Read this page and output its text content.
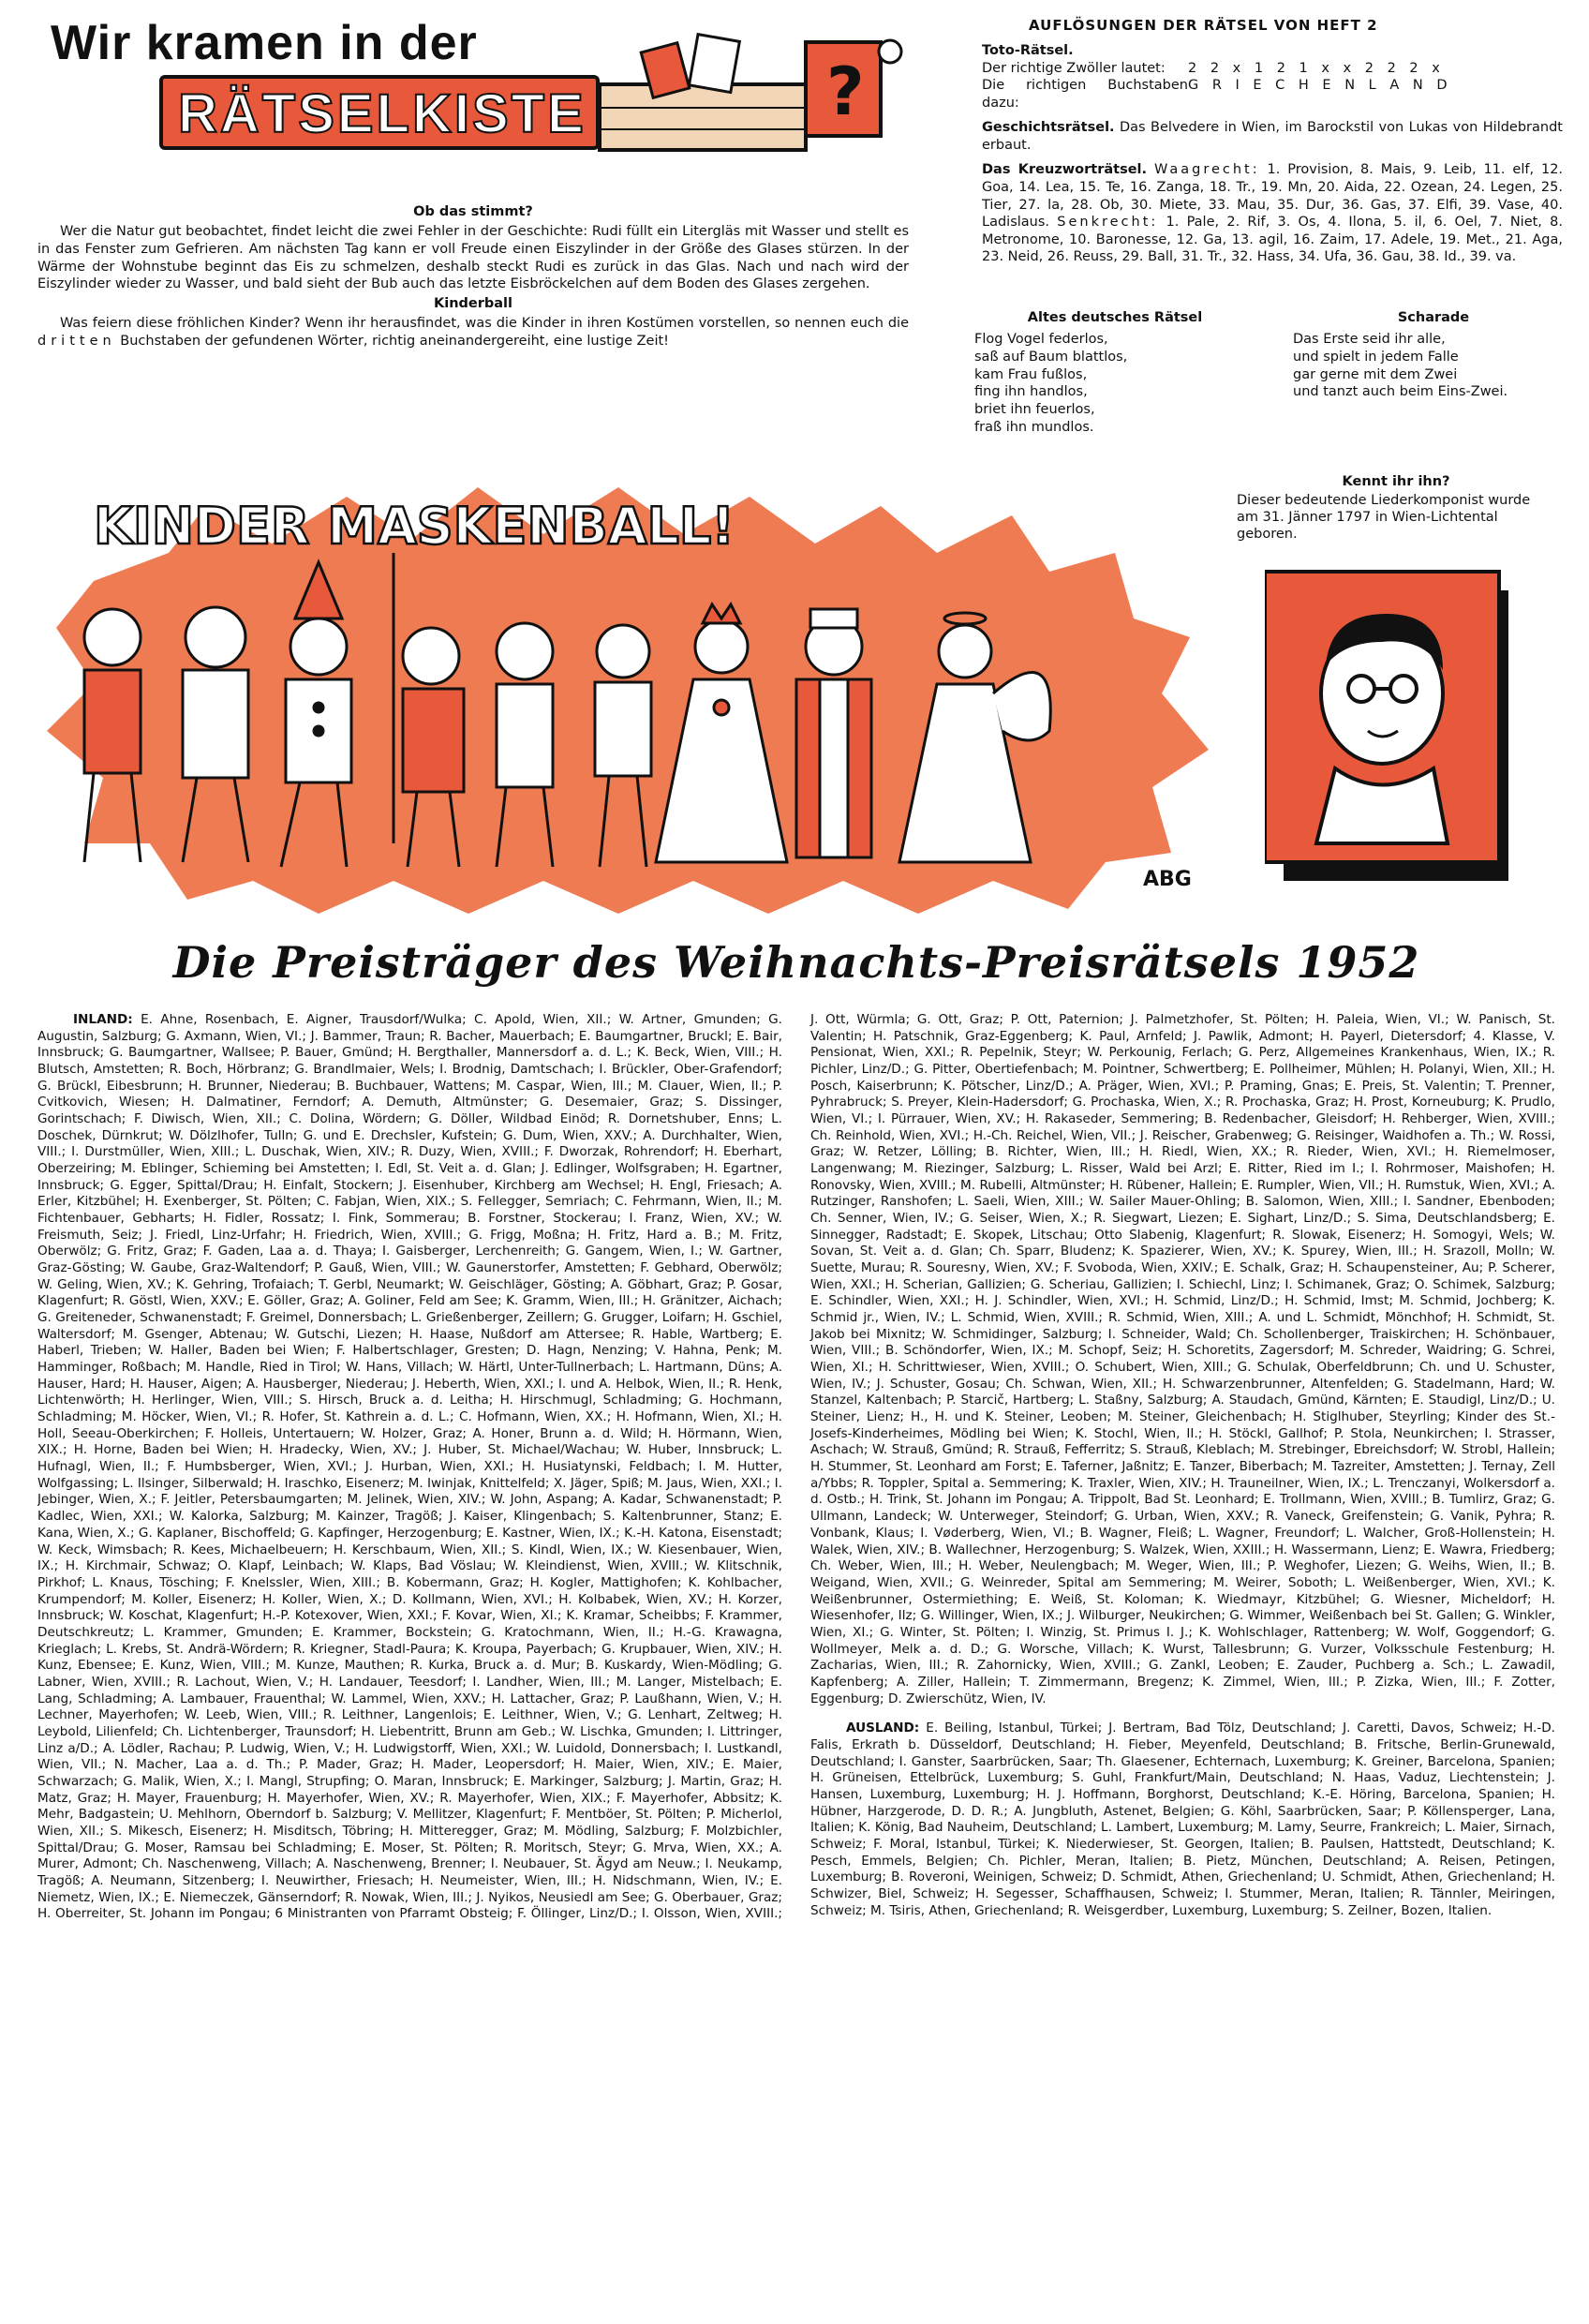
Wir kramen in der
RÄTSELKISTE	?
AUFLÖSUNGEN DER RÄTSEL VON HEFT 2
Toto-Rätsel.
Der richtige Zwöller lautet:	2 2 x 1 2 1 x x 2 2 2 x
Die richtigen Buchstaben dazu:
G R I E C H E N L A N D
Geschichtsrätsel. Das Belvedere in Wien, im Barockstil von Lukas von Hildebrandt erbaut.
Das Kreuzworträtsel. Waagrecht: 1. Provision, 8. Mais, 9. Leib, 11. elf, 12. Goa, 14. Lea, 15. Te, 16. Zanga, 18. Tr., 19. Mn, 20. Aida, 22. Ozean, 24. Legen, 25. Tier, 27. la, 28. Ob, 30. Miete, 33. Mau, 35. Dur, 36. Gas, 37. Elfi, 39. Vase, 40. Ladislaus. Senkrecht: 1. Pale, 2. Rif, 3. Os, 4. Ilona, 5. il, 6. Oel, 7. Niet, 8. Metronome, 10. Baronesse, 12. Ga, 13. agil, 16. Zaim, 17. Adele, 19. Met., 21. Aga, 23. Neid, 26. Reuss, 29. Ball, 31. Tr., 32. Hass, 34. Ufa, 36. Gau, 38. Id., 39. va.
Altes deutsches Rätsel
Flog Vogel federlos,
saß auf Baum blattlos,
kam Frau fußlos,
fing ihn handlos,
briet ihn feuerlos,
fraß ihn mundlos.
Scharade
Das Erste seid ihr alle,
und spielt in jedem Falle
gar gerne mit dem Zwei
und tanzt auch beim Eins-Zwei.
Ob das stimmt?

Wer die Natur gut beobachtet, findet leicht die zwei Fehler in der Geschichte: Rudi füllt ein Litergläs mit Wasser und stellt es in das Fenster zum Gefrieren. Am nächsten Tag kann er voll Freude einen Eiszylinder in der Größe des Glases stürzen. In der Wärme der Wohnstube beginnt das Eis zu schmelzen, deshalb steckt Rudi es zurück in das Glas. Nach und nach wird der Eiszylinder wieder zu Wasser, und bald sieht der Bub auch das letzte Eisbröckelchen auf dem Boden des Glases zergehen.

Kinderball

Was feiern diese fröhlichen Kinder? Wenn ihr herausfindet, was die Kinder in ihren Kostümen vorstellen, so nennen euch die dritten Buchstaben der gefundenen Wörter, richtig aneinandergereiht, eine lustige Zeit!

KINDER MASKENBALL!
ABG
Kennt ihr ihn?

Dieser bedeutende Liederkomponist wurde am 31. Jänner 1797 in Wien-Lichtental geboren.

Die Preisträger des Weihnachts-Preisrätsels 1952

INLAND: E. Ahne, Rosenbach, E. Aigner, Trausdorf/Wulka; C. Apold, Wien, XII.; W. Artner, Gmunden; G. Augustin, Salzburg; G. Axmann, Wien, VI.; J. Bammer, Traun; R. Bacher, Mauerbach; E. Baumgartner, Bruckl; E. Bair, Innsbruck; G. Baumgartner, Wallsee; P. Bauer, Gmünd; H. Bergthaller, Mannersdorf a. d. L.; K. Beck, Wien, VIII.; H. Blutsch, Amstetten; R. Boch, Hörbranz; G. Brandlmaier, Wels; I. Brodnig, Damtschach; I. Brückler, Ober-Grafendorf; G. Brückl, Eibesbrunn; H. Brunner, Niederau; B. Buchbauer, Wattens; M. Caspar, Wien, III.; M. Clauer, Wien, II.; P. Cvitkovich, Wiesen; H. Dalmatiner, Ferndorf; A. Demuth, Altmünster; G. Desemaier, Graz; S. Dissinger, Gorintschach; F. Diwisch, Wien, XII.; C. Dolina, Wördern; G. Döller, Wildbad Einöd; R. Dornetshuber, Enns; L. Doschek, Dürnkrut; W. Dölzlhofer, Tulln; G. und E. Drechsler, Kufstein; G. Dum, Wien, XXV.; A. Durchhalter, Wien, VIII.; I. Durstmüller, Wien, XIII.; L. Duschak, Wien, XIV.; R. Duzy, Wien, XVIII.; F. Dworzak, Rohrendorf; H. Eberhart, Oberzeiring; M. Eblinger, Schieming bei Amstetten; I. Edl, St. Veit a. d. Glan; J. Edlinger, Wolfsgraben; H. Egartner, Innsbruck; G. Egger, Spittal/Drau; H. Einfalt, Stockern; J. Eisenhuber, Kirchberg am Wechsel; H. Engl, Friesach; A. Erler, Kitzbühel; H. Exenberger, St. Pölten; C. Fabjan, Wien, XIX.; S. Fellegger, Semriach; C. Fehrmann, Wien, II.; M. Fichtenbauer, Gebharts; H. Fidler, Rossatz; I. Fink, Sommerau; B. Forstner, Stockerau; I. Franz, Wien, XV.; W. Freismuth, Seiz; J. Friedl, Linz-Urfahr; H. Friedrich, Wien, XVIII.; G. Frigg, Moßna; H. Fritz, Hard a. B.; M. Fritz, Oberwölz; G. Fritz, Graz; F. Gaden, Laa a. d. Thaya; I. Gaisberger, Lerchenreith; G. Gangem, Wien, I.; W. Gartner, Graz-Gösting; W. Gaube, Graz-Waltendorf; P. Gauß, Wien, VIII.; W. Gaunerstorfer, Amstetten; F. Gebhard, Oberwölz; W. Geling, Wien, XV.; K. Gehring, Trofaiach; T. Gerbl, Neumarkt; W. Geischläger, Gösting; A. Göbhart, Graz; P. Gosar, Klagenfurt; R. Göstl, Wien, XXV.; E. Göller, Graz; A. Goliner, Feld am See; K. Gramm, Wien, III.; H. Gränitzer, Aichach; G. Greiteneder, Schwanenstadt; F. Greimel, Donnersbach; L. Grießenberger, Zeillern; G. Grugger, Loifarn; H. Gschiel, Waltersdorf; M. Gsenger, Abtenau; W. Gutschi, Liezen; H. Haase, Nußdorf am Attersee; R. Hable, Wartberg; E. Haberl, Trieben; W. Haller, Baden bei Wien; F. Halbertschlager, Gresten; D. Hagn, Nenzing; V. Hahna, Penk; M. Hamminger, Roßbach; M. Handle, Ried in Tirol; W. Hans, Villach; W. Härtl, Unter-Tullnerbach; L. Hartmann, Düns; A. Hauser, Hard; H. Hauser, Aigen; A. Hausberger, Niederau; J. Heberth, Wien, XXI.; I. und A. Helbok, Wien, II.; R. Henk, Lichtenwörth; H. Herlinger, Wien, VIII.; S. Hirsch, Bruck a. d. Leitha; H. Hirschmugl, Schladming; G. Hochmann, Schladming; M. Höcker, Wien, VI.; R. Hofer, St. Kathrein a. d. L.; C. Hofmann, Wien, XX.; H. Hofmann, Wien, XI.; H. Holl, Seeau-Oberkirchen; F. Holleis, Untertauern; W. Holzer, Graz; A. Honer, Brunn a. d. Wild; H. Hörmann, Wien, XIX.; H. Horne, Baden bei Wien; H. Hradecky, Wien, XV.; J. Huber, St. Michael/Wachau; W. Huber, Innsbruck; L. Hufnagl, Wien, II.; F. Humbsberger, Wien, XVI.; J. Hurban, Wien, XXI.; H. Husiatynski, Feldbach; I. M. Hutter, Wolfgassing; L. Ilsinger, Silberwald; H. Iraschko, Eisenerz; M. Iwinjak, Knittelfeld; X. Jäger, Spiß; M. Jaus, Wien, XXI.; I. Jebinger, Wien, X.; F. Jeitler, Petersbaumgarten; M. Jelinek, Wien, XIV.; W. John, Aspang; A. Kadar, Schwanenstadt; P. Kadlec, Wien, XXI.; W. Kalorka, Salzburg; M. Kainzer, Tragöß; J. Kaiser, Klingenbach; S. Kaltenbrunner, Stanz; E. Kana, Wien, X.; G. Kaplaner, Bischoffeld; G. Kapfinger, Herzogenburg; E. Kastner, Wien, IX.; K.-H. Katona, Eisenstadt; W. Keck, Wimsbach; R. Kees, Michaelbeuern; H. Kerschbaum, Wien, XII.; S. Kindl, Wien, IX.; W. Kiesenbauer, Wien, IX.; H. Kirchmair, Schwaz; O. Klapf, Leinbach; W. Klaps, Bad Vöslau; W. Kleindienst, Wien, XVIII.; W. Klitschnik, Pirkhof; L. Knaus, Tösching; F. Knelssler, Wien, XIII.; B. Kobermann, Graz; H. Kogler, Mattighofen; K. Kohlbacher, Krumpendorf; M. Koller, Eisenerz; H. Koller, Wien, X.; D. Kollmann, Wien, XVI.; H. Kolbabek, Wien, XV.; H. Korzer, Innsbruck; W. Koschat, Klagenfurt; H.-P. Kotexover, Wien, XXI.; F. Kovar, Wien, XI.; K. Kramar, Scheibbs; F. Krammer, Deutschkreutz; L. Krammer, Gmunden; E. Krammer, Bockstein; G. Kratochmann, Wien, II.; H.-G. Krawagna, Krieglach; L. Krebs, St. Andrä-Wördern; R. Kriegner, Stadl-Paura; K. Kroupa, Payerbach; G. Krupbauer, Wien, XIV.; H. Kunz, Ebensee; E. Kunz, Wien, VIII.; M. Kunze, Mauthen; R. Kurka, Bruck a. d. Mur; B. Kuskardy, Wien-Mödling; G. Labner, Wien, XVIII.; R. Lachout, Wien, V.; H. Landauer, Teesdorf; I. Landher, Wien, III.; M. Langer, Mistelbach; E. Lang, Schladming; A. Lambauer, Frauenthal; W. Lammel, Wien, XXV.; H. Lattacher, Graz; P. Laußhann, Wien, V.; H. Lechner, Mayerhofen; W. Leeb, Wien, VIII.; R. Leithner, Langenlois; E. Leithner, Wien, V.; G. Lenhart, Zeltweg; H. Leybold, Lilienfeld; Ch. Lichtenberger, Traunsdorf; H. Liebentritt, Brunn am Geb.; W. Lischka, Gmunden; I. Littringer, Linz a/D.; A. Lödler, Rachau; P. Ludwig, Wien, V.; H. Ludwigstorff, Wien, XXI.; W. Luidold, Donnersbach; I. Lustkandl, Wien, VII.; N. Macher, Laa a. d. Th.; P. Mader, Graz; H. Mader, Leopersdorf; H. Maier, Wien, XIV.; E. Maier, Schwarzach; G. Malik, Wien, X.; I. Mangl, Strupfing; O. Maran, Innsbruck; E. Markinger, Salzburg; J. Martin, Graz; H. Matz, Graz; H. Mayer, Frauenburg; H. Mayerhofer, Wien, XV.; R. Mayerhofer, Wien, XIX.; F. Mayerhofer, Abbsitz; K. Mehr, Badgastein; U. Mehlhorn, Oberndorf b. Salzburg; V. Mellitzer, Klagenfurt; F. Mentböer, St. Pölten; P. Micherlol, Wien, XII.; S. Mikesch, Eisenerz; H. Misditsch, Töbring; H. Mitteregger, Graz; M. Mödling, Salzburg; F. Molzbichler, Spittal/Drau; G. Moser, Ramsau bei Schladming; E. Moser, St. Pölten; R. Moritsch, Steyr; G. Mrva, Wien, XX.; A. Murer, Admont; Ch. Naschenweng, Villach; A. Naschenweng, Brenner; I. Neubauer, St. Ägyd am Neuw.; I. Neukamp, Tragöß; A. Neumann, Sitzenberg; I. Neuwirther, Friesach; H. Neumeister, Wien, III.; H. Nidschmann, Wien, IV.; E. Niemetz, Wien, IX.; E. Niemeczek, Gänserndorf; R. Nowak, Wien, III.; J. Nyikos, Neusiedl am See; G. Oberbauer, Graz; H. Oberreiter, St. Johann im Pongau; 6 Ministranten von Pfarramt Obsteig; F. Öllinger, Linz/D.; I. Olsson, Wien, XVIII.; J. Ott, Würmla; G. Ott, Graz; P. Ott, Paternion; J. Palmetzhofer, St. Pölten; H. Paleia, Wien, VI.; W. Panisch, St. Valentin; H. Patschnik, Graz-Eggenberg; K. Paul, Arnfeld; J. Pawlik, Admont; H. Payerl, Dietersdorf; 4. Klasse, V. Pensionat, Wien, XXI.; R. Pepelnik, Steyr; W. Perkounig, Ferlach; G. Perz, Allgemeines Krankenhaus, Wien, IX.; R. Pichler, Linz/D.; G. Pitter, Obertiefenbach; M. Pointner, Schwertberg; E. Pollheimer, Mühlen; H. Polanyi, Wien, XII.; H. Posch, Kaiserbrunn; K. Pötscher, Linz/D.; A. Präger, Wien, XVI.; P. Praming, Gnas; E. Preis, St. Valentin; T. Prenner, Pyhrabruck; S. Preyer, Klein-Hadersdorf; G. Prochaska, Wien, X.; R. Prochaska, Graz; H. Prost, Korneuburg; K. Prudlo, Wien, VI.; I. Pürrauer, Wien, XV.; H. Rakaseder, Semmering; B. Redenbacher, Gleisdorf; H. Rehberger, Wien, XVIII.; Ch. Reinhold, Wien, XVI.; H.-Ch. Reichel, Wien, VII.; J. Reischer, Grabenweg; G. Reisinger, Waidhofen a. Th.; W. Rossi, Graz; W. Retzer, Lölling; B. Richter, Wien, III.; H. Riedl, Wien, XX.; R. Rieder, Wien, XVI.; H. Riemelmoser, Langenwang; M. Riezinger, Salzburg; L. Risser, Wald bei Arzl; E. Ritter, Ried im I.; I. Rohrmoser, Maishofen; H. Ronovsky, Wien, XVIII.; M. Rubelli, Altmünster; H. Rübener, Hallein; E. Rumpler, Wien, VII.; H. Rumstuk, Wien, XVI.; A. Rutzinger, Ranshofen; L. Saeli, Wien, XIII.; W. Sailer Mauer-Ohling; B. Salomon, Wien, XIII.; I. Sandner, Ebenboden; Ch. Senner, Wien, IV.; G. Seiser, Wien, X.; R. Siegwart, Liezen; E. Sighart, Linz/D.; S. Sima, Deutschlandsberg; E. Sinnegger, Radstadt; E. Skopek, Litschau; Otto Slabenig, Klagenfurt; R. Slowak, Eisenerz; H. Somogyi, Wels; W. Sovan, St. Veit a. d. Glan; Ch. Sparr, Bludenz; K. Spazierer, Wien, XV.; K. Spurey, Wien, III.; H. Srazoll, Molln; W. Suette, Murau; R. Souresny, Wien, XV.; F. Svoboda, Wien, XXIV.; E. Schalk, Graz; H. Schaupensteiner, Au; P. Scherer, Wien, XXI.; H. Scherian, Gallizien; G. Scheriau, Gallizien; I. Schiechl, Linz; I. Schimanek, Graz; O. Schimek, Salzburg; E. Schindler, Wien, XXI.; H. J. Schindler, Wien, XVI.; H. Schmid, Linz/D.; H. Schmid, Imst; M. Schmid, Jochberg; K. Schmid jr., Wien, IV.; L. Schmid, Wien, XVIII.; R. Schmid, Wien, XIII.; A. und L. Schmidt, Mönchhof; H. Schmidt, St. Jakob bei Mixnitz; W. Schmidinger, Salzburg; I. Schneider, Wald; Ch. Schollenberger, Traiskirchen; H. Schönbauer, Wien, VIII.; B. Schöndorfer, Wien, IX.; M. Schopf, Seiz; H. Schoretits, Zagersdorf; M. Schreder, Waidring; G. Schrei, Wien, XI.; H. Schrittwieser, Wien, XVIII.; O. Schubert, Wien, XIII.; G. Schulak, Oberfeldbrunn; Ch. und U. Schuster, Wien, IV.; J. Schuster, Gosau; Ch. Schwan, Wien, XII.; H. Schwarzenbrunner, Altenfelden; G. Stadelmann, Hard; W. Stanzel, Kaltenbach; P. Starcič, Hartberg; L. Staßny, Salzburg; A. Staudach, Gmünd, Kärnten; E. Staudigl, Linz/D.; U. Steiner, Lienz; H., H. und K. Steiner, Leoben; M. Steiner, Gleichenbach; H. Stiglhuber, Steyrling; Kinder des St.-Josefs-Kinderheimes, Mödling bei Wien; K. Stochl, Wien, II.; H. Stöckl, Gallhof; P. Stola, Neunkirchen; I. Strasser, Aschach; W. Strauß, Gmünd; R. Strauß, Fefferritz; S. Strauß, Kleblach; M. Strebinger, Ebreichsdorf; W. Strobl, Hallein; H. Stummer, St. Leonhard am Forst; E. Taferner, Jaßnitz; E. Tanzer, Biberbach; M. Tazreiter, Amstetten; J. Ternay, Zell a/Ybbs; R. Toppler, Spital a. Semmering; K. Traxler, Wien, XIV.; H. Trauneilner, Wien, IX.; L. Trenczanyi, Wolkersdorf a. d. Ostb.; H. Trink, St. Johann im Pongau; A. Trippolt, Bad St. Leonhard; E. Trollmann, Wien, XVIII.; B. Tumlirz, Graz; G. Ullmann, Landeck; W. Unterweger, Steindorf; G. Urban, Wien, XXV.; R. Vaneck, Greifenstein; G. Vanik, Pyhra; R. Vonbank, Klaus; I. Vøderberg, Wien, VI.; B. Wagner, Fleiß; L. Wagner, Freundorf; L. Walcher, Groß-Hollenstein; H. Walek, Wien, XIV.; B. Wallechner, Herzogenburg; S. Walzek, Wien, XXIII.; H. Wassermann, Lienz; E. Wawra, Friedberg; Ch. Weber, Wien, III.; H. Weber, Neulengbach; M. Weger, Wien, III.; P. Weghofer, Liezen; G. Weihs, Wien, II.; B. Weigand, Wien, XVII.; G. Weinreder, Spital am Semmering; M. Weirer, Soboth; L. Weißenberger, Wien, XVI.; K. Weißenbrunner, Ostermiething; E. Weiß, St. Koloman; K. Wiedmayr, Kitzbühel; G. Wiesner, Micheldorf; H. Wiesenhofer, Ilz; G. Willinger, Wien, IX.; J. Wilburger, Neukirchen; G. Wimmer, Weißenbach bei St. Gallen; G. Winkler, Wien, XI.; G. Winter, St. Pölten; I. Winzig, St. Primus I. J.; K. Wohlschlager, Rattenberg; W. Wolf, Goggendorf; G. Wollmeyer, Melk a. d. D.; G. Worsche, Villach; K. Wurst, Tallesbrunn; G. Vurzer, Volksschule Festenburg; H. Zacharias, Wien, III.; R. Zahornicky, Wien, XVIII.; G. Zankl, Leoben; E. Zauder, Puchberg a. Sch.; L. Zawadil, Kapfenberg; A. Ziller, Hallein; T. Zimmermann, Bregenz; K. Zimmel, Wien, III.; P. Zizka, Wien, III.; F. Zotter, Eggenburg; D. Zwierschütz, Wien, IV.

AUSLAND: E. Beiling, Istanbul, Türkei; J. Bertram, Bad Tölz, Deutschland; J. Caretti, Davos, Schweiz; H.-D. Falis, Erkrath b. Düsseldorf, Deutschland; H. Fieber, Meyenfeld, Deutschland; B. Fritsche, Berlin-Grunewald, Deutschland; I. Ganster, Saarbrücken, Saar; Th. Glaesener, Echternach, Luxemburg; K. Greiner, Barcelona, Spanien; H. Grüneisen, Ettelbrück, Luxemburg; S. Guhl, Frankfurt/Main, Deutschland; N. Haas, Vaduz, Liechtenstein; J. Hansen, Luxemburg, Luxemburg; H. J. Hoffmann, Borghorst, Deutschland; K.-E. Höring, Barcelona, Spanien; H. Hübner, Harzgerode, D. D. R.; A. Jungbluth, Astenet, Belgien; G. Köhl, Saarbrücken, Saar; P. Köllensperger, Lana, Italien; K. König, Bad Nauheim, Deutschland; L. Lambert, Luxemburg; M. Lamy, Seurre, Frankreich; L. Maier, Sirnach, Schweiz; F. Moral, Istanbul, Türkei; K. Niederwieser, St. Georgen, Italien; B. Paulsen, Hattstedt, Deutschland; K. Pesch, Emmels, Belgien; Ch. Pichler, Meran, Italien; B. Pietz, München, Deutschland; A. Reisen, Petingen, Luxemburg; B. Roveroni, Weinigen, Schweiz; D. Schmidt, Athen, Griechenland; U. Schmidt, Athen, Griechenland; H. Schwizer, Biel, Schweiz; H. Segesser, Schaffhausen, Schweiz; I. Stummer, Meran, Italien; R. Tännler, Meiringen, Schweiz; M. Tsiris, Athen, Griechenland; R. Weisgerdber, Luxemburg, Luxemburg; S. Zeilner, Bozen, Italien.
